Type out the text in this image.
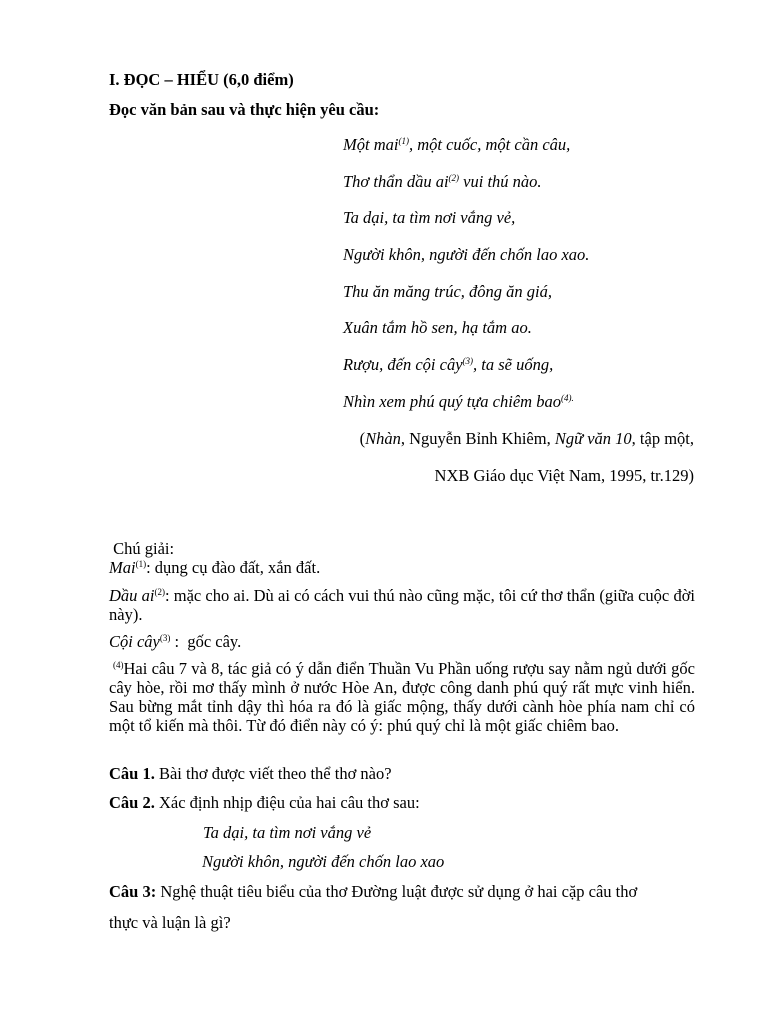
I. ĐỌC – HIỂU (6,0 điểm)
Đọc văn bản sau và thực hiện yêu cầu:
Một mai$^{(1)}$, một cuốc, một cần câu,
Thơ thẩn dầu $ai^{(2)}$ vui thú nào.
Ta dại, ta tìm nơi vắng vẻ,
Người khôn, người đến chốn lao xao.
Thu ăn măng trúc, đông ăn giá,
Xuân tắm hồ sen, hạ tắm ao.
Rượu, đến cội cây$^{(3)}$, ta sẽ uống,
Nhìn xem phú quý tựa chiêm bao$^{(4).}$
(Nhàn, Nguyễn Bỉnh Khiêm, Ngữ văn 10, tập một,
NXB Giáo dục Việt Nam, 1995, tr.129)
Chú giải:
Mai$^{(1)}$: dụng cụ đào đất, xắn đất.
Dầu $ai^{(2)}$: mặc cho ai. Dù ai có cách vui thú nào cũng mặc, tôi cứ thơ thẩn (giữa cuộc đời này).
Cội cây$^{(3)}$ :  gốc cây.
$^{(4)}$Hai câu 7 và 8, tác giả có ý dẫn điển Thuần Vu Phần uống rượu say nằm ngủ dưới gốc cây hòe, rồi mơ thấy mình ở nước Hòe An, được công danh phú quý rất mực vinh hiển. Sau bừng mắt tỉnh dậy thì hóa ra đó là giấc mộng, thấy dưới cành hòe phía nam chỉ có một tổ kiến mà thôi. Từ đó điển này có ý: phú quý chỉ là một giấc chiêm bao.
Câu 1. Bài thơ được viết theo thể thơ nào?
Câu 2. Xác định nhịp điệu của hai câu thơ sau:
Ta dại, ta tìm nơi vắng vẻ
Người khôn, người đến chốn lao xao
Câu 3: Nghệ thuật tiêu biểu của thơ Đường luật được sử dụng ở hai cặp câu thơ
thực và luận là gì?
